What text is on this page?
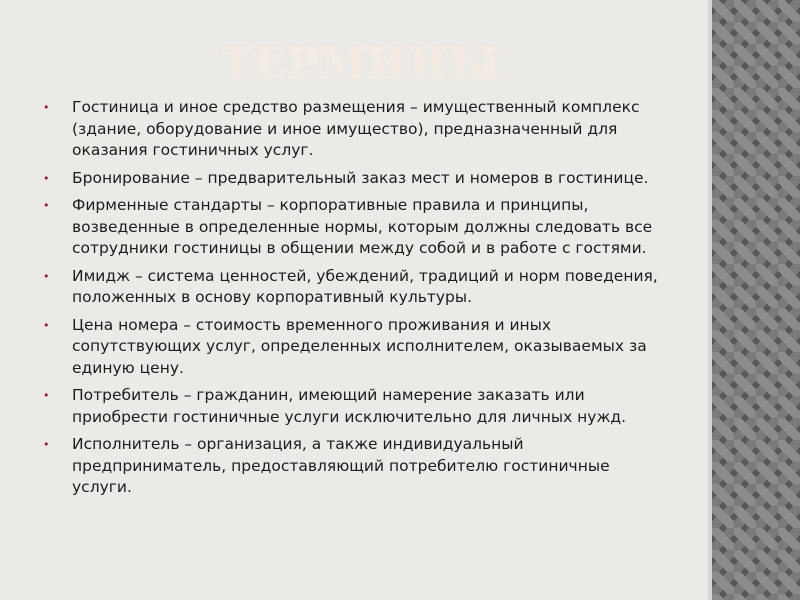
ТЕРМИНЫ
• Гостиница и иное средство размещения – имущественный комплекс (здание, оборудование и иное имущество), предназначенный для оказания гостиничных услуг.
• Бронирование – предварительный заказ мест и номеров в гостинице.
• Фирменные стандарты – корпоративные правила и принципы, возведенные в определенные нормы, которым должны следовать все сотрудники гостиницы в общении между собой и в работе с гостями.
• Имидж – система ценностей, убеждений, традиций и норм поведения, положенных в основу корпоративный культуры.
• Цена номера – стоимость временного проживания и иных сопутствующих услуг, определенных исполнителем, оказываемых за единую цену.
• Потребитель – гражданин, имеющий намерение заказать или приобрести гостиничные услуги исключительно для личных нужд.
• Исполнитель – организация, а также индивидуальный предприниматель, предоставляющий потребителю гостиничные услуги.
